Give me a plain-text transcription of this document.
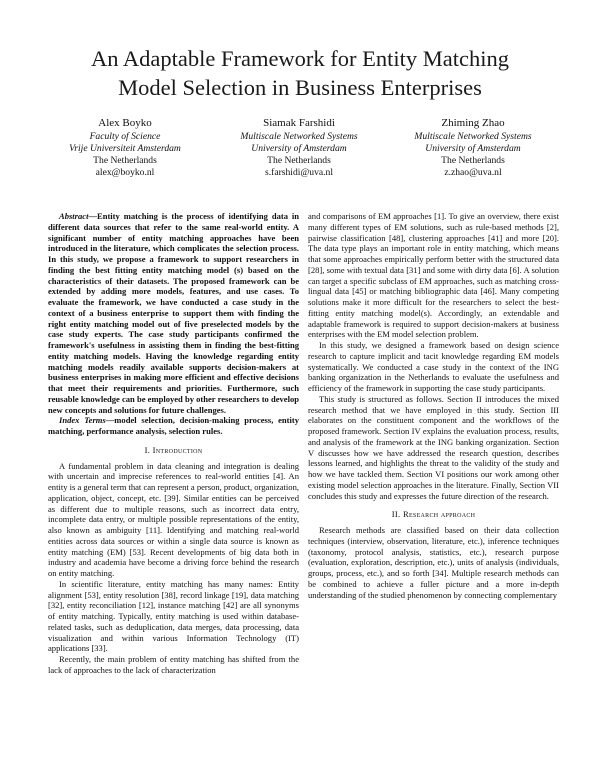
An Adaptable Framework for Entity Matching
Model Selection in Business Enterprises
Alex Boyko
Faculty of Science
Vrije Universiteit Amsterdam
The Netherlands
alex@boyko.nl
Siamak Farshidi
Multiscale Networked Systems
University of Amsterdam
The Netherlands
s.farshidi@uva.nl
Zhiming Zhao
Multiscale Networked Systems
University of Amsterdam
The Netherlands
z.zhao@uva.nl

Abstract—Entity matching is the process of identifying data in different data sources that refer to the same real-world entity. A significant number of entity matching approaches have been introduced in the literature, which complicates the selection process. In this study, we propose a framework to support researchers in finding the best fitting entity matching model (s) based on the characteristics of their datasets. The proposed framework can be extended by adding more models, features, and use cases. To evaluate the framework, we have conducted a case study in the context of a business enterprise to support them with finding the right entity matching model out of five preselected models by the case study experts. The case study participants confirmed the framework's usefulness in assisting them in finding the best-fitting entity matching models. Having the knowledge regarding entity matching models readily available supports decision-makers at business enterprises in making more efficient and effective decisions that meet their requirements and priorities. Furthermore, such reusable knowledge can be employed by other researchers to develop new concepts and solutions for future challenges.

Index Terms—model selection, decision-making process, entity matching, performance analysis, selection rules.

I. Introduction

A fundamental problem in data cleaning and integration is dealing with uncertain and imprecise references to real-world entities [4]. An entity is a general term that can represent a person, product, organization, application, object, concept, etc. [39]. Similar entities can be perceived as different due to multiple reasons, such as incorrect data entry, incomplete data entry, or multiple possible representations of the entity, also known as ambiguity [11]. Identifying and matching real-world entities across data sources or within a single data source is known as entity matching (EM) [53]. Recent developments of big data both in industry and academia have become a driving force behind the research on entity matching.

In scientific literature, entity matching has many names: Entity alignment [53], entity resolution [38], record linkage [19], data matching [32], entity reconciliation [12], instance matching [42] are all synonyms of entity matching. Typically, entity matching is used within database-related tasks, such as deduplication, data merges, data processing, data visualization and within various Information Technology (IT) applications [33].

Recently, the main problem of entity matching has shifted from the lack of approaches to the lack of characterization

and comparisons of EM approaches [1]. To give an overview, there exist many different types of EM solutions, such as rule-based methods [2], pairwise classification [48], clustering approaches [41] and more [20]. The data type plays an important role in entity matching, which means that some approaches empirically perform better with the structured data [28], some with textual data [31] and some with dirty data [6]. A solution can target a specific subclass of EM approaches, such as matching cross-lingual data [45] or matching bibliographic data [46]. Many competing solutions make it more difficult for the researchers to select the best-fitting entity matching model(s). Accordingly, an extendable and adaptable framework is required to support decision-makers at business enterprises with the EM model selection problem.

In this study, we designed a framework based on design science research to capture implicit and tacit knowledge regarding EM models systematically. We conducted a case study in the context of the ING banking organization in the Netherlands to evaluate the usefulness and efficiency of the framework in supporting the case study participants.

This study is structured as follows. Section II introduces the mixed research method that we have employed in this study. Section III elaborates on the constituent component and the workflows of the proposed framework. Section IV explains the evaluation process, results, and analysis of the framework at the ING banking organization. Section V discusses how we have addressed the research question, describes lessons learned, and highlights the threat to the validity of the study and how we have tackled them. Section VI positions our work among other existing model selection approaches in the literature. Finally, Section VII concludes this study and expresses the future direction of the research.

II. Research approach

Research methods are classified based on their data collection techniques (interview, observation, literature, etc.), inference techniques (taxonomy, protocol analysis, statistics, etc.), research purpose (evaluation, exploration, description, etc.), units of analysis (individuals, groups, process, etc.), and so forth [34]. Multiple research methods can be combined to achieve a fuller picture and a more in-depth understanding of the studied phenomenon by connecting complementary
